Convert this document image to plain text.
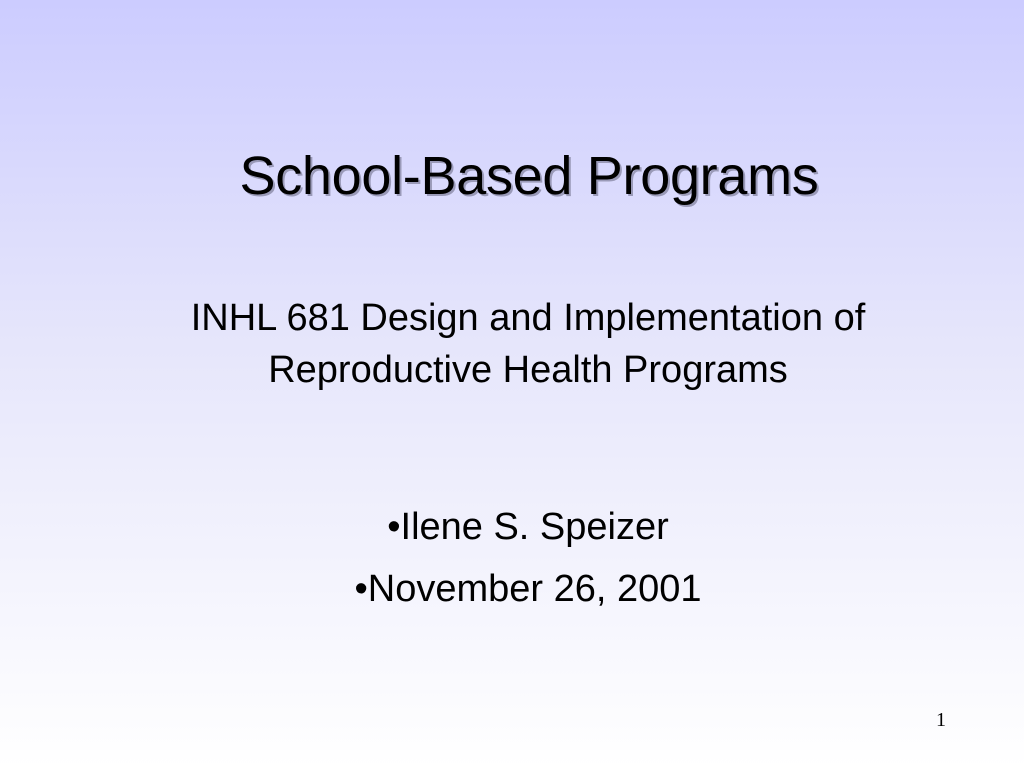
School-Based Programs
INHL 681 Design and Implementation of
Reproductive Health Programs
•Ilene S. Speizer
•November 26, 2001
1
